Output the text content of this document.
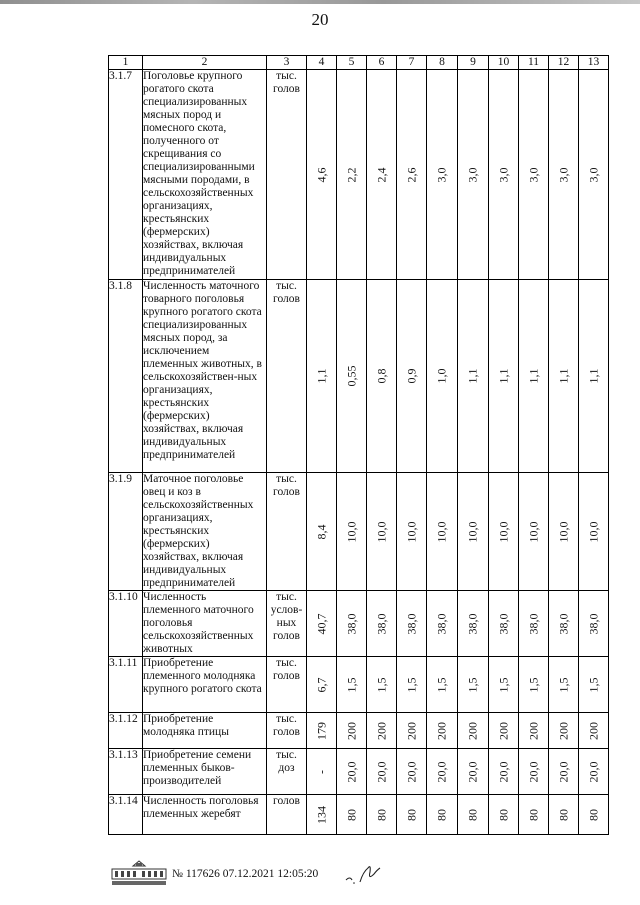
20
1	2	3	4	5	6	7	8	9	10	11	12	13
3.1.7	Поголовье крупного рогатого скота специализированных мясных пород и помесного скота, полученного от скрещивания со специализированными мясными породами, в сельскохозяйственных организациях, крестьянских (фермерских) хозяйствах, включая индивидуальных предпринимателей	тыс. голов	4,6	2,2	2,4	2,6	3,0	3,0	3,0	3,0	3,0	3,0

3.1.8	Численность маточного товарного поголовья крупного рогатого скота специализированных мясных пород, за исключением племенных животных, в сельскохозяйствен-ных организациях, крестьянских (фермерских) хозяйствах, включая индивидуальных предпринимателей	тыс. голов	1,1	0,55	0,8	0,9	1,0	1,1	1,1	1,1	1,1	1,1

3.1.9	Маточное поголовье овец и коз в сельскохозяйственных организациях, крестьянских (фермерских) хозяйствах, включая индивидуальных предпринимателей	тыс. голов	8,4	10,0	10,0	10,0	10,0	10,0	10,0	10,0	10,0	10,0

3.1.10	Численность племенного маточного поголовья сельскохозяйственных животных	тыс. услов-ных голов	40,7	38,0	38,0	38,0	38,0	38,0	38,0	38,0	38,0	38,0

3.1.11	Приобретение племенного молодняка крупного рогатого скота	тыс. голов	6,7	1,5	1,5	1,5	1,5	1,5	1,5	1,5	1,5	1,5

3.1.12	Приобретение молодняка птицы	тыс. голов	179	200	200	200	200	200	200	200	200	200

3.1.13	Приобретение семени племенных быков-производителей	тыс. доз	-	20,0	20,0	20,0	20,0	20,0	20,0	20,0	20,0	20,0

3.1.14	Численность поголовья племенных жеребят	голов	134	80	80	80	80	80	80	80	80	80
№ 117626 07.12.2021 12:05:20
